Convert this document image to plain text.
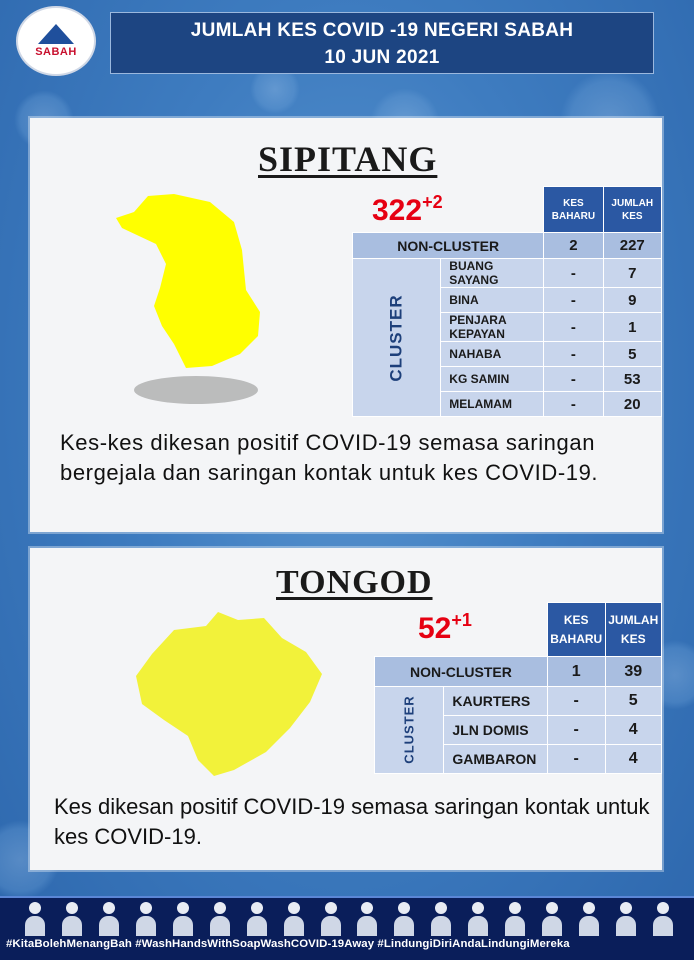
SABAH
JUMLAH KES COVID -19 NEGERI SABAH
10 JUN 2021
SIPITANG
$322^{+2}$
		KES BAHARU	JUMLAH KES
NON-CLUSTER		2	227
CLUSTER	BUANG SAYANG	-	7
	BINA	-	9
	PENJARA KEPAYAN	-	1
	NAHABA	-	5
	KG SAMIN	-	53
	MELAMAM	-	20
Kes-kes dikesan positif COVID-19 semasa saringan bergejala dan saringan kontak untuk kes COVID-19.
TONGOD
$52^{+1}$
		KES BAHARU	JUMLAH KES
NON-CLUSTER		1	39
CLUSTER	KAURTERS	-	5
	JLN DOMIS	-	4
	GAMBARON	-	4
Kes dikesan positif COVID-19 semasa saringan kontak untuk kes COVID-19.
#KitaBolehMenangBah #WashHandsWithSoapWashCOVID-19Away #LindungiDiriAndaLindungiMereka
